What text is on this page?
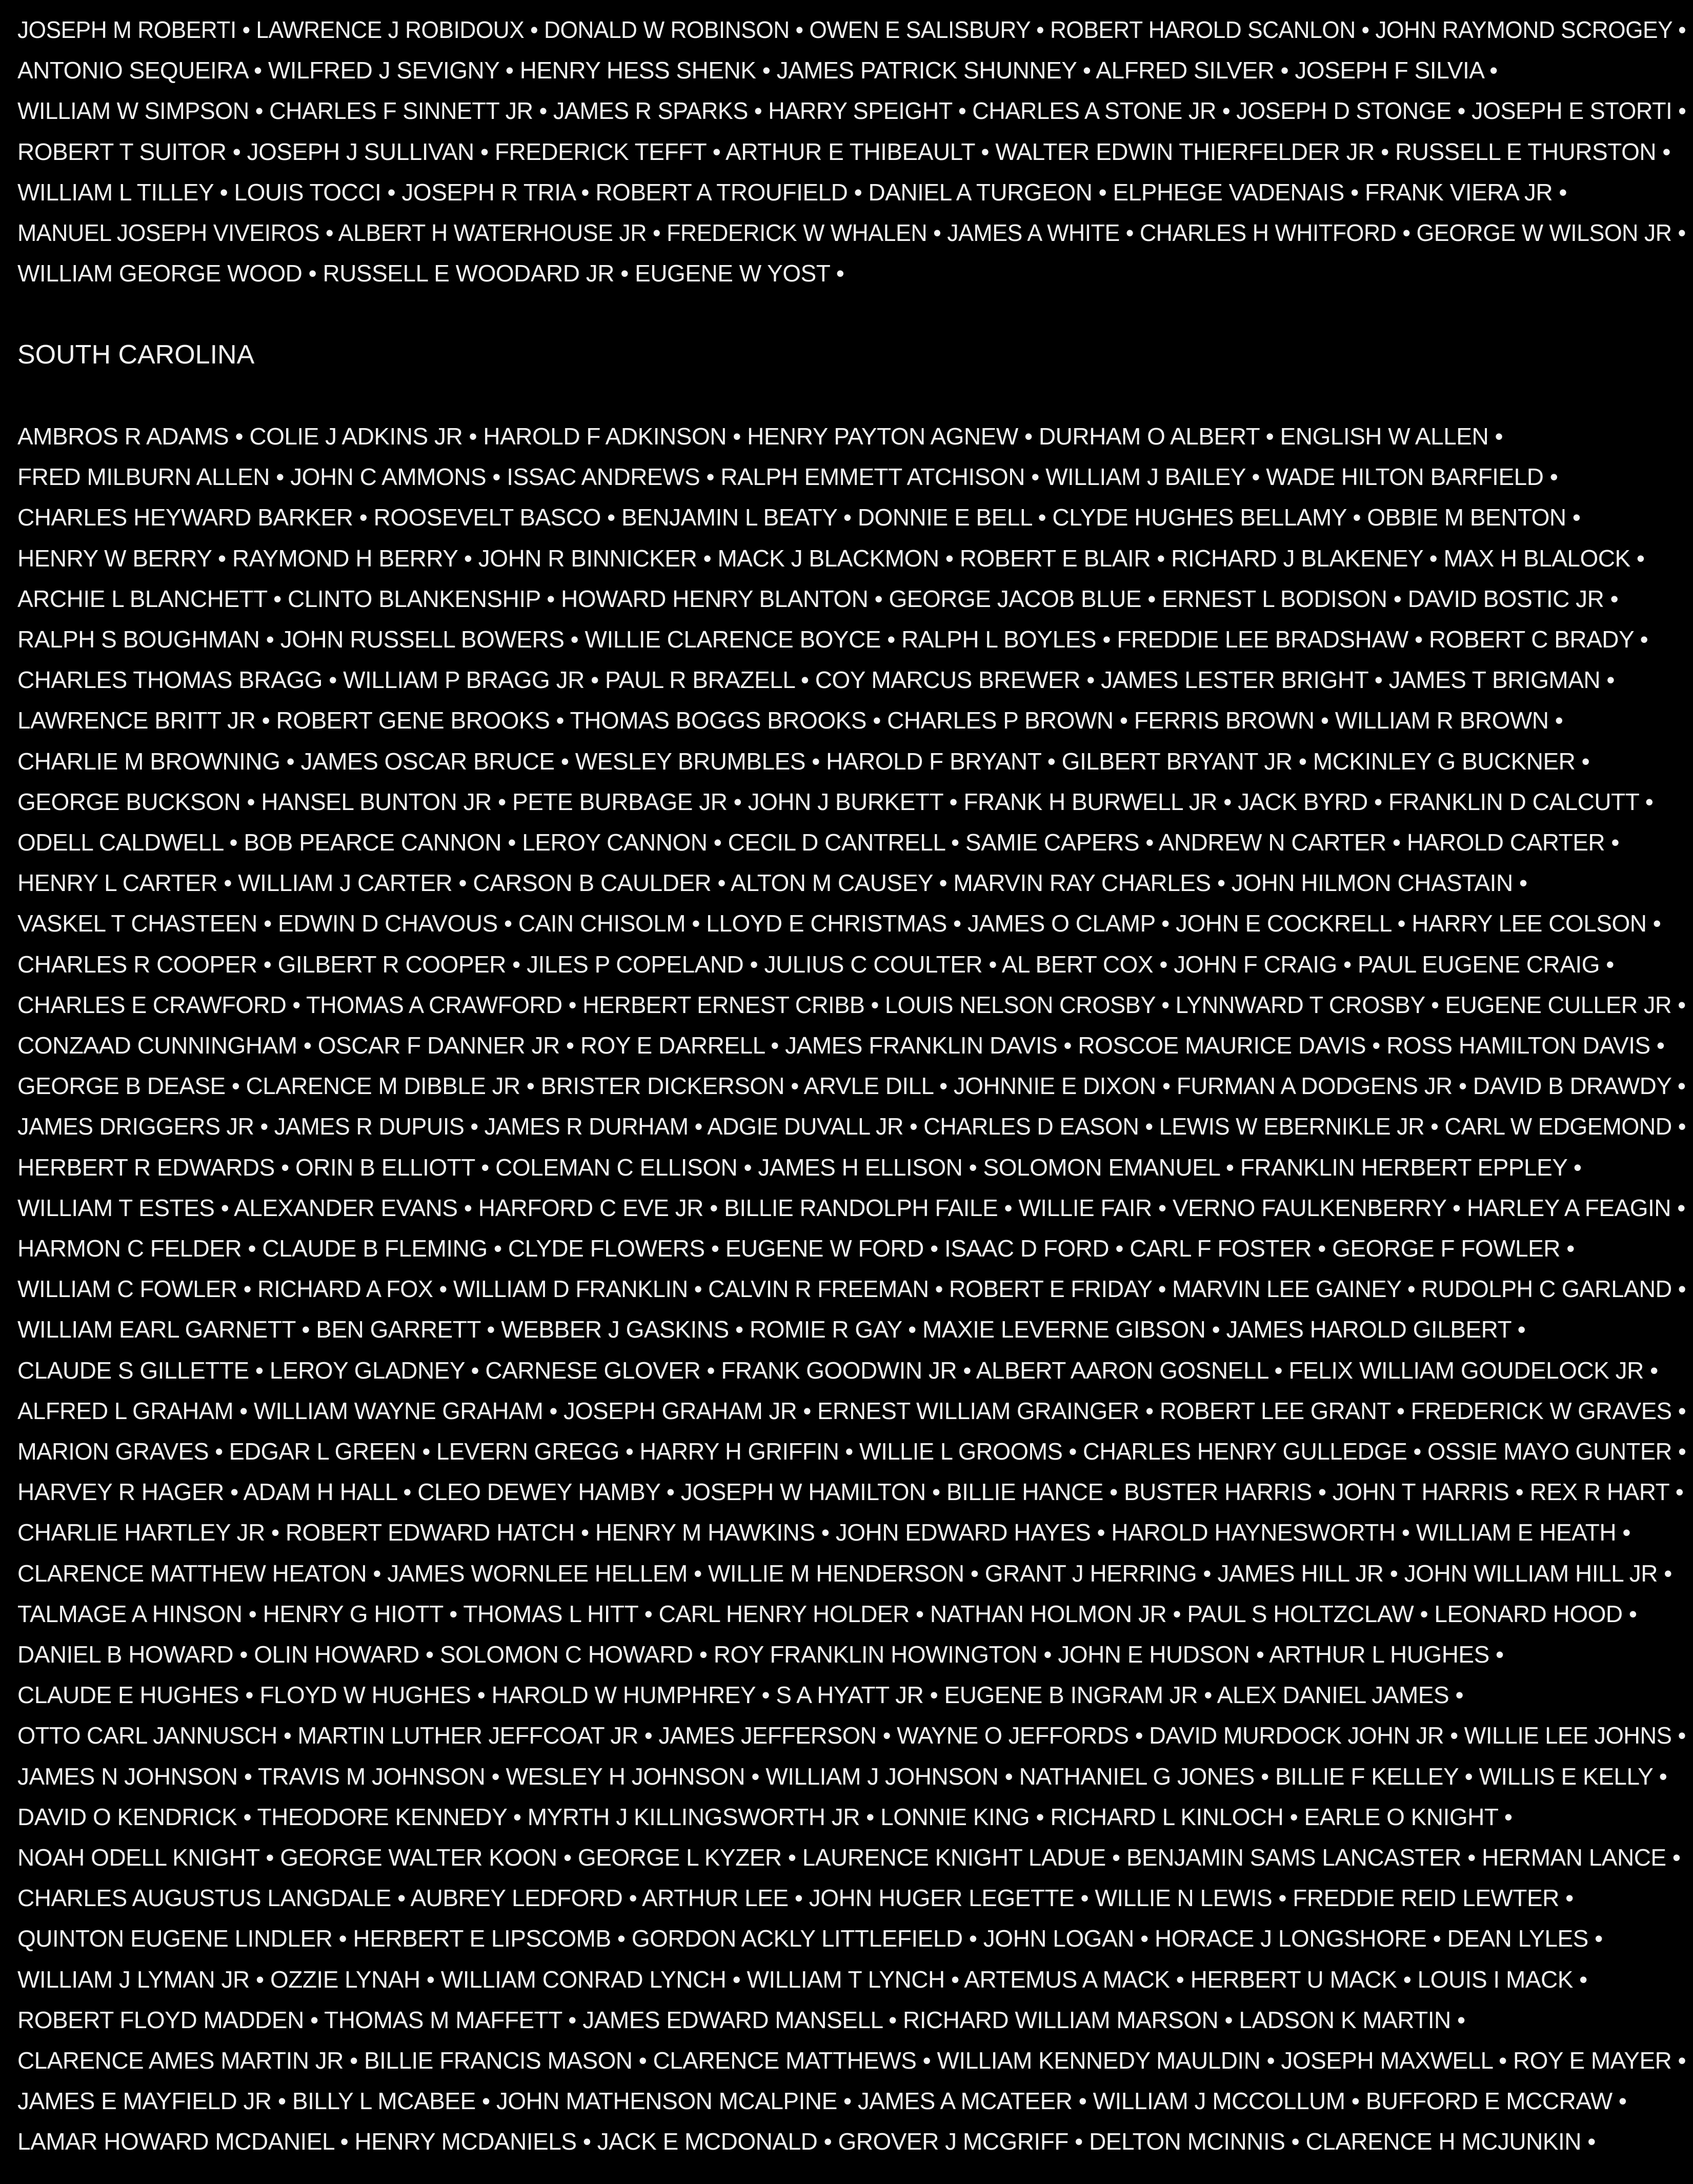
JOSEPH M ROBERTI • LAWRENCE J ROBIDOUX • DONALD W ROBINSON • OWEN E SALISBURY • ROBERT HAROLD SCANLON • JOHN RAYMOND SCROGEY •
ANTONIO SEQUEIRA • WILFRED J SEVIGNY • HENRY HESS SHENK • JAMES PATRICK SHUNNEY • ALFRED SILVER • JOSEPH F SILVIA •
WILLIAM W SIMPSON • CHARLES F SINNETT JR • JAMES R SPARKS • HARRY SPEIGHT • CHARLES A STONE JR • JOSEPH D STONGE • JOSEPH E STORTI •
ROBERT T SUITOR • JOSEPH J SULLIVAN • FREDERICK TEFFT • ARTHUR E THIBEAULT • WALTER EDWIN THIERFELDER JR • RUSSELL E THURSTON •
WILLIAM L TILLEY • LOUIS TOCCI • JOSEPH R TRIA • ROBERT A TROUFIELD • DANIEL A TURGEON • ELPHEGE VADENAIS • FRANK VIERA JR •
MANUEL JOSEPH VIVEIROS • ALBERT H WATERHOUSE JR • FREDERICK W WHALEN • JAMES A WHITE • CHARLES H WHITFORD • GEORGE W WILSON JR •
WILLIAM GEORGE WOOD • RUSSELL E WOODARD JR • EUGENE W YOST •
SOUTH CAROLINA
AMBROS R ADAMS • COLIE J ADKINS JR • HAROLD F ADKINSON • HENRY PAYTON AGNEW • DURHAM O ALBERT • ENGLISH W ALLEN •
FRED MILBURN ALLEN • JOHN C AMMONS • ISSAC ANDREWS • RALPH EMMETT ATCHISON • WILLIAM J BAILEY • WADE HILTON BARFIELD •
CHARLES HEYWARD BARKER • ROOSEVELT BASCO • BENJAMIN L BEATY • DONNIE E BELL • CLYDE HUGHES BELLAMY • OBBIE M BENTON •
HENRY W BERRY • RAYMOND H BERRY • JOHN R BINNICKER • MACK J BLACKMON • ROBERT E BLAIR • RICHARD J BLAKENEY • MAX H BLALOCK •
ARCHIE L BLANCHETT • CLINTO BLANKENSHIP • HOWARD HENRY BLANTON • GEORGE JACOB BLUE • ERNEST L BODISON • DAVID BOSTIC JR •
RALPH S BOUGHMAN • JOHN RUSSELL BOWERS • WILLIE CLARENCE BOYCE • RALPH L BOYLES • FREDDIE LEE BRADSHAW • ROBERT C BRADY •
CHARLES THOMAS BRAGG • WILLIAM P BRAGG JR • PAUL R BRAZELL • COY MARCUS BREWER • JAMES LESTER BRIGHT • JAMES T BRIGMAN •
LAWRENCE BRITT JR • ROBERT GENE BROOKS • THOMAS BOGGS BROOKS • CHARLES P BROWN • FERRIS BROWN • WILLIAM R BROWN •
CHARLIE M BROWNING • JAMES OSCAR BRUCE • WESLEY BRUMBLES • HAROLD F BRYANT • GILBERT BRYANT JR • MCKINLEY G BUCKNER •
GEORGE BUCKSON • HANSEL BUNTON JR • PETE BURBAGE JR • JOHN J BURKETT • FRANK H BURWELL JR • JACK BYRD • FRANKLIN D CALCUTT •
ODELL CALDWELL • BOB PEARCE CANNON • LEROY CANNON • CECIL D CANTRELL • SAMIE CAPERS • ANDREW N CARTER • HAROLD CARTER •
HENRY L CARTER • WILLIAM J CARTER • CARSON B CAULDER • ALTON M CAUSEY • MARVIN RAY CHARLES • JOHN HILMON CHASTAIN •
VASKEL T CHASTEEN • EDWIN D CHAVOUS • CAIN CHISOLM • LLOYD E CHRISTMAS • JAMES O CLAMP • JOHN E COCKRELL • HARRY LEE COLSON •
CHARLES R COOPER • GILBERT R COOPER • JILES P COPELAND • JULIUS C COULTER • AL BERT COX • JOHN F CRAIG • PAUL EUGENE CRAIG •
CHARLES E CRAWFORD • THOMAS A CRAWFORD • HERBERT ERNEST CRIBB • LOUIS NELSON CROSBY • LYNNWARD T CROSBY • EUGENE CULLER JR •
CONZAAD CUNNINGHAM • OSCAR F DANNER JR • ROY E DARRELL • JAMES FRANKLIN DAVIS • ROSCOE MAURICE DAVIS • ROSS HAMILTON DAVIS •
GEORGE B DEASE • CLARENCE M DIBBLE JR • BRISTER DICKERSON • ARVLE DILL • JOHNNIE E DIXON • FURMAN A DODGENS JR • DAVID B DRAWDY •
JAMES DRIGGERS JR • JAMES R DUPUIS • JAMES R DURHAM • ADGIE DUVALL JR • CHARLES D EASON • LEWIS W EBERNIKLE JR • CARL W EDGEMOND •
HERBERT R EDWARDS • ORIN B ELLIOTT • COLEMAN C ELLISON • JAMES H ELLISON • SOLOMON EMANUEL • FRANKLIN HERBERT EPPLEY •
WILLIAM T ESTES • ALEXANDER EVANS • HARFORD C EVE JR • BILLIE RANDOLPH FAILE • WILLIE FAIR • VERNO FAULKENBERRY • HARLEY A FEAGIN •
HARMON C FELDER • CLAUDE B FLEMING • CLYDE FLOWERS • EUGENE W FORD • ISAAC D FORD • CARL F FOSTER • GEORGE F FOWLER •
WILLIAM C FOWLER • RICHARD A FOX • WILLIAM D FRANKLIN • CALVIN R FREEMAN • ROBERT E FRIDAY • MARVIN LEE GAINEY • RUDOLPH C GARLAND •
WILLIAM EARL GARNETT • BEN GARRETT • WEBBER J GASKINS • ROMIE R GAY • MAXIE LEVERNE GIBSON • JAMES HAROLD GILBERT •
CLAUDE S GILLETTE • LEROY GLADNEY • CARNESE GLOVER • FRANK GOODWIN JR • ALBERT AARON GOSNELL • FELIX WILLIAM GOUDELOCK JR •
ALFRED L GRAHAM • WILLIAM WAYNE GRAHAM • JOSEPH GRAHAM JR • ERNEST WILLIAM GRAINGER • ROBERT LEE GRANT • FREDERICK W GRAVES •
MARION GRAVES • EDGAR L GREEN • LEVERN GREGG • HARRY H GRIFFIN • WILLIE L GROOMS • CHARLES HENRY GULLEDGE • OSSIE MAYO GUNTER •
HARVEY R HAGER • ADAM H HALL • CLEO DEWEY HAMBY • JOSEPH W HAMILTON • BILLIE HANCE • BUSTER HARRIS • JOHN T HARRIS • REX R HART •
CHARLIE HARTLEY JR • ROBERT EDWARD HATCH • HENRY M HAWKINS • JOHN EDWARD HAYES • HAROLD HAYNESWORTH • WILLIAM E HEATH •
CLARENCE MATTHEW HEATON • JAMES WORNLEE HELLEM • WILLIE M HENDERSON • GRANT J HERRING • JAMES HILL JR • JOHN WILLIAM HILL JR •
TALMAGE A HINSON • HENRY G HIOTT • THOMAS L HITT • CARL HENRY HOLDER • NATHAN HOLMON JR • PAUL S HOLTZCLAW • LEONARD HOOD •
DANIEL B HOWARD • OLIN HOWARD • SOLOMON C HOWARD • ROY FRANKLIN HOWINGTON • JOHN E HUDSON • ARTHUR L HUGHES •
CLAUDE E HUGHES • FLOYD W HUGHES • HAROLD W HUMPHREY • S A HYATT JR • EUGENE B INGRAM JR • ALEX DANIEL JAMES •
OTTO CARL JANNUSCH • MARTIN LUTHER JEFFCOAT JR • JAMES JEFFERSON • WAYNE O JEFFORDS • DAVID MURDOCK JOHN JR • WILLIE LEE JOHNS •
JAMES N JOHNSON • TRAVIS M JOHNSON • WESLEY H JOHNSON • WILLIAM J JOHNSON • NATHANIEL G JONES • BILLIE F KELLEY • WILLIS E KELLY •
DAVID O KENDRICK • THEODORE KENNEDY • MYRTH J KILLINGSWORTH JR • LONNIE KING • RICHARD L KINLOCH • EARLE O KNIGHT •
NOAH ODELL KNIGHT • GEORGE WALTER KOON • GEORGE L KYZER • LAURENCE KNIGHT LADUE • BENJAMIN SAMS LANCASTER • HERMAN LANCE •
CHARLES AUGUSTUS LANGDALE • AUBREY LEDFORD • ARTHUR LEE • JOHN HUGER LEGETTE • WILLIE N LEWIS • FREDDIE REID LEWTER •
QUINTON EUGENE LINDLER • HERBERT E LIPSCOMB • GORDON ACKLY LITTLEFIELD • JOHN LOGAN • HORACE J LONGSHORE • DEAN LYLES •
WILLIAM J LYMAN JR • OZZIE LYNAH • WILLIAM CONRAD LYNCH • WILLIAM T LYNCH • ARTEMUS A MACK • HERBERT U MACK • LOUIS I MACK •
ROBERT FLOYD MADDEN • THOMAS M MAFFETT • JAMES EDWARD MANSELL • RICHARD WILLIAM MARSON • LADSON K MARTIN •
CLARENCE AMES MARTIN JR • BILLIE FRANCIS MASON • CLARENCE MATTHEWS • WILLIAM KENNEDY MAULDIN • JOSEPH MAXWELL • ROY E MAYER •
JAMES E MAYFIELD JR • BILLY L MCABEE • JOHN MATHENSON MCALPINE • JAMES A MCATEER • WILLIAM J MCCOLLUM • BUFFORD E MCCRAW •
LAMAR HOWARD MCDANIEL • HENRY MCDANIELS • JACK E MCDONALD • GROVER J MCGRIFF • DELTON MCINNIS • CLARENCE H MCJUNKIN •
